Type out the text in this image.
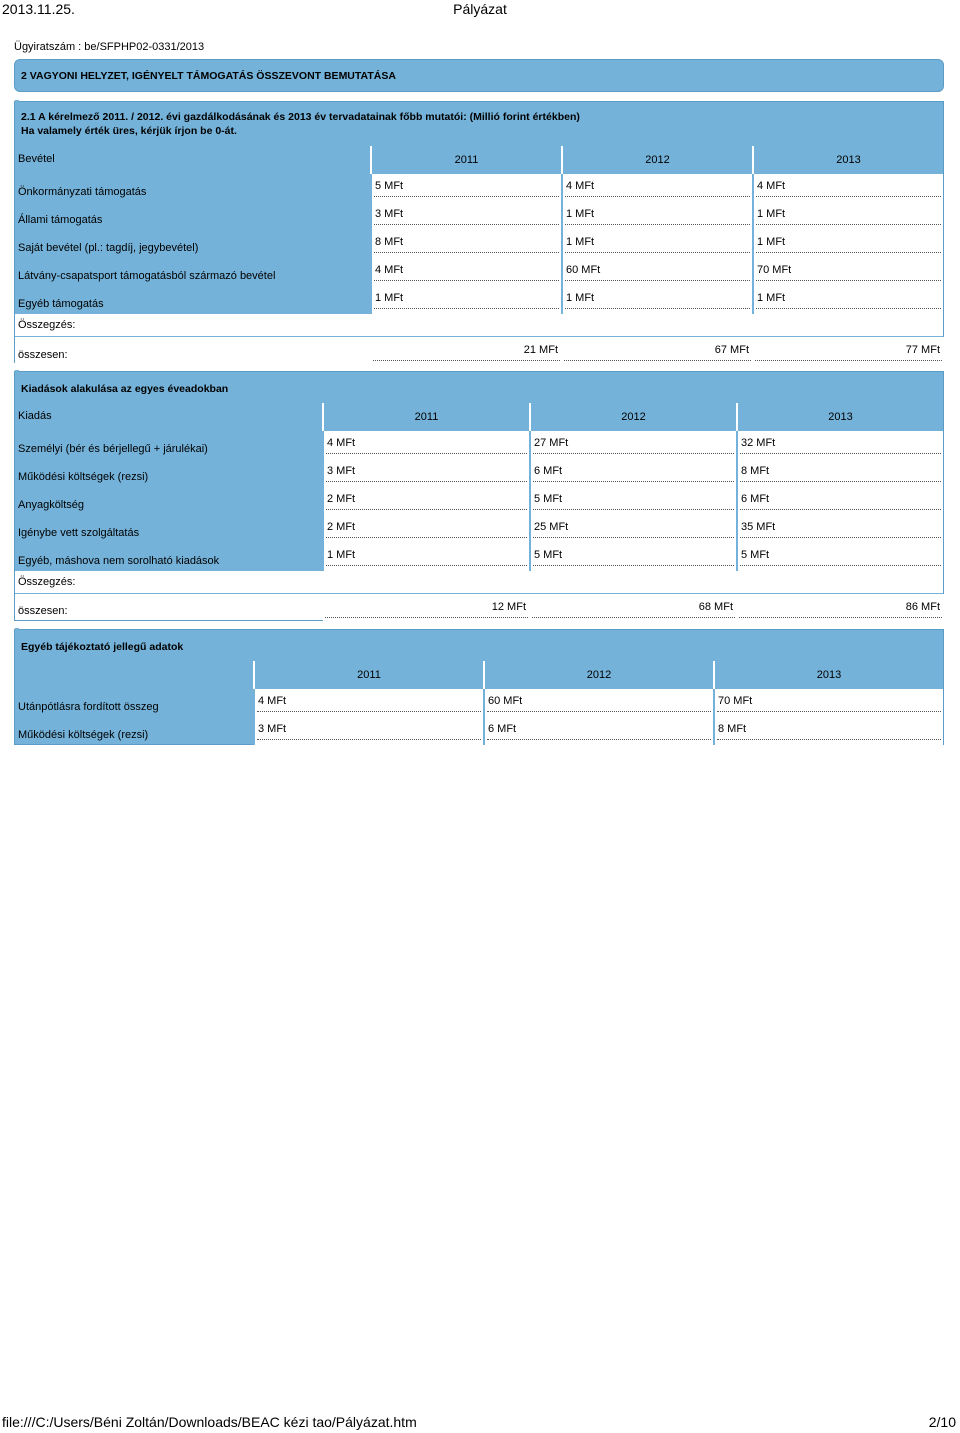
2013.11.25.	Pályázat
Ügyiratszám : be/SFPHP02-0331/2013
2 VAGYONI HELYZET, IGÉNYELT TÁMOGATÁS ÖSSZEVONT BEMUTATÁSA
2.1 A kérelmező 2011. / 2012. évi gazdálkodásának és 2013 év tervadatainak főbb mutatói: (Millió forint értékben)
Ha valamely érték üres, kérjük írjon be 0-át.
Bevétel	2011	2012	2013
Önkormányzati támogatás	5 MFt	4 MFt	4 MFt
Állami támogatás	3 MFt	1 MFt	1 MFt
Saját bevétel (pl.: tagdíj, jegybevétel)	8 MFt	1 MFt	1 MFt
Látvány-csapatsport támogatásból származó bevétel	4 MFt	60 MFt	70 MFt
Egyéb támogatás	1 MFt	1 MFt	1 MFt
Összegzés:
összesen:	21 MFt	67 MFt	77 MFt
Kiadások alakulása az egyes éveadokban
Kiadás	2011	2012	2013
Személyi (bér és bérjellegű + járulékai)	4 MFt	27 MFt	32 MFt
Működési költségek (rezsi)	3 MFt	6 MFt	8 MFt
Anyagköltség	2 MFt	5 MFt	6 MFt
Igénybe vett szolgáltatás	2 MFt	25 MFt	35 MFt
Egyéb, máshova nem sorolható kiadások	1 MFt	5 MFt	5 MFt
Összegzés:
összesen:	12 MFt	68 MFt	86 MFt
Egyéb tájékoztató jellegű adatok
2011	2012	2013
Utánpótlásra fordított összeg	4 MFt	60 MFt	70 MFt
Működési költségek (rezsi)	3 MFt	6 MFt	8 MFt
file:///C:/Users/Béni Zoltán/Downloads/BEAC kézi tao/Pályázat.htm	2/10
